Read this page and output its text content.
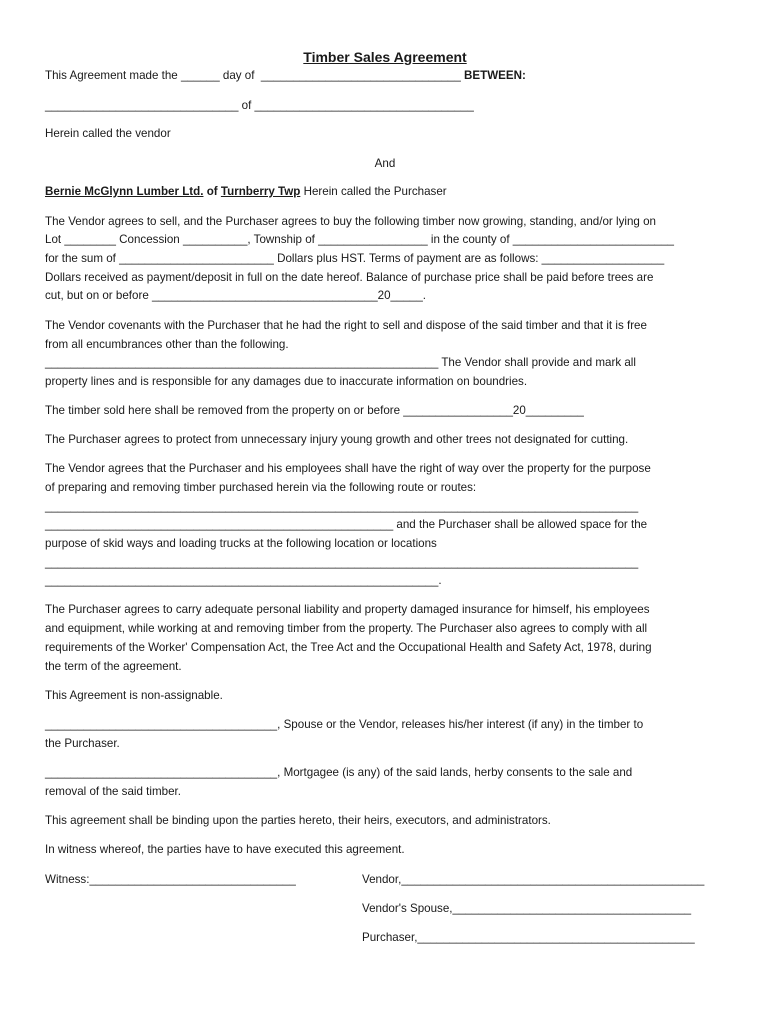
Timber Sales Agreement
This Agreement made the ______ day of  _______________________________ BETWEEN:
______________________________ of __________________________________
Herein called the vendor
And
Bernie McGlynn Lumber Ltd. of Turnberry Twp Herein called the Purchaser
The Vendor agrees to sell, and the Purchaser agrees to buy the following timber now growing, standing, and/or lying on
Lot ________ Concession __________, Township of _________________ in the county of _________________________
for the sum of ________________________ Dollars plus HST. Terms of payment are as follows: ___________________
Dollars received as payment/deposit in full on the date hereof. Balance of purchase price shall be paid before trees are
cut, but on or before ___________________________________20_____.
The Vendor covenants with the Purchaser that he had the right to sell and dispose of the said timber and that it is free
from all encumbrances other than the following.
_____________________________________________________________ The Vendor shall provide and mark all
property lines and is responsible for any damages due to inaccurate information on boundries.
The timber sold here shall be removed from the property on or before _________________20_________
The Purchaser agrees to protect from unnecessary injury young growth and other trees not designated for cutting.
The Vendor agrees that the Purchaser and his employees shall have the right of way over the property for the purpose
of preparing and removing timber purchased herein via the following route or routes:
____________________________________________________________________________________________
______________________________________________________ and the Purchaser shall be allowed space for the
purpose of skid ways and loading trucks at the following location or locations
____________________________________________________________________________________________
_____________________________________________________________.
The Purchaser agrees to carry adequate personal liability and property damaged insurance for himself, his employees
and equipment, while working at and removing timber from the property. The Purchaser also agrees to comply with all
requirements of the Worker' Compensation Act, the Tree Act and the Occupational Health and Safety Act, 1978, during
the term of the agreement.
This Agreement is non-assignable.
____________________________________, Spouse or the Vendor, releases his/her interest (if any) in the timber to
the Purchaser.
____________________________________, Mortgagee (is any) of the said lands, herby consents to the sale and
removal of the said timber.
This agreement shall be binding upon the parties hereto, their heirs, executors, and administrators.
In witness whereof, the parties have to have executed this agreement.
Witness:________________________________	Vendor,_______________________________________________
Vendor's Spouse,_____________________________________
Purchaser,___________________________________________
